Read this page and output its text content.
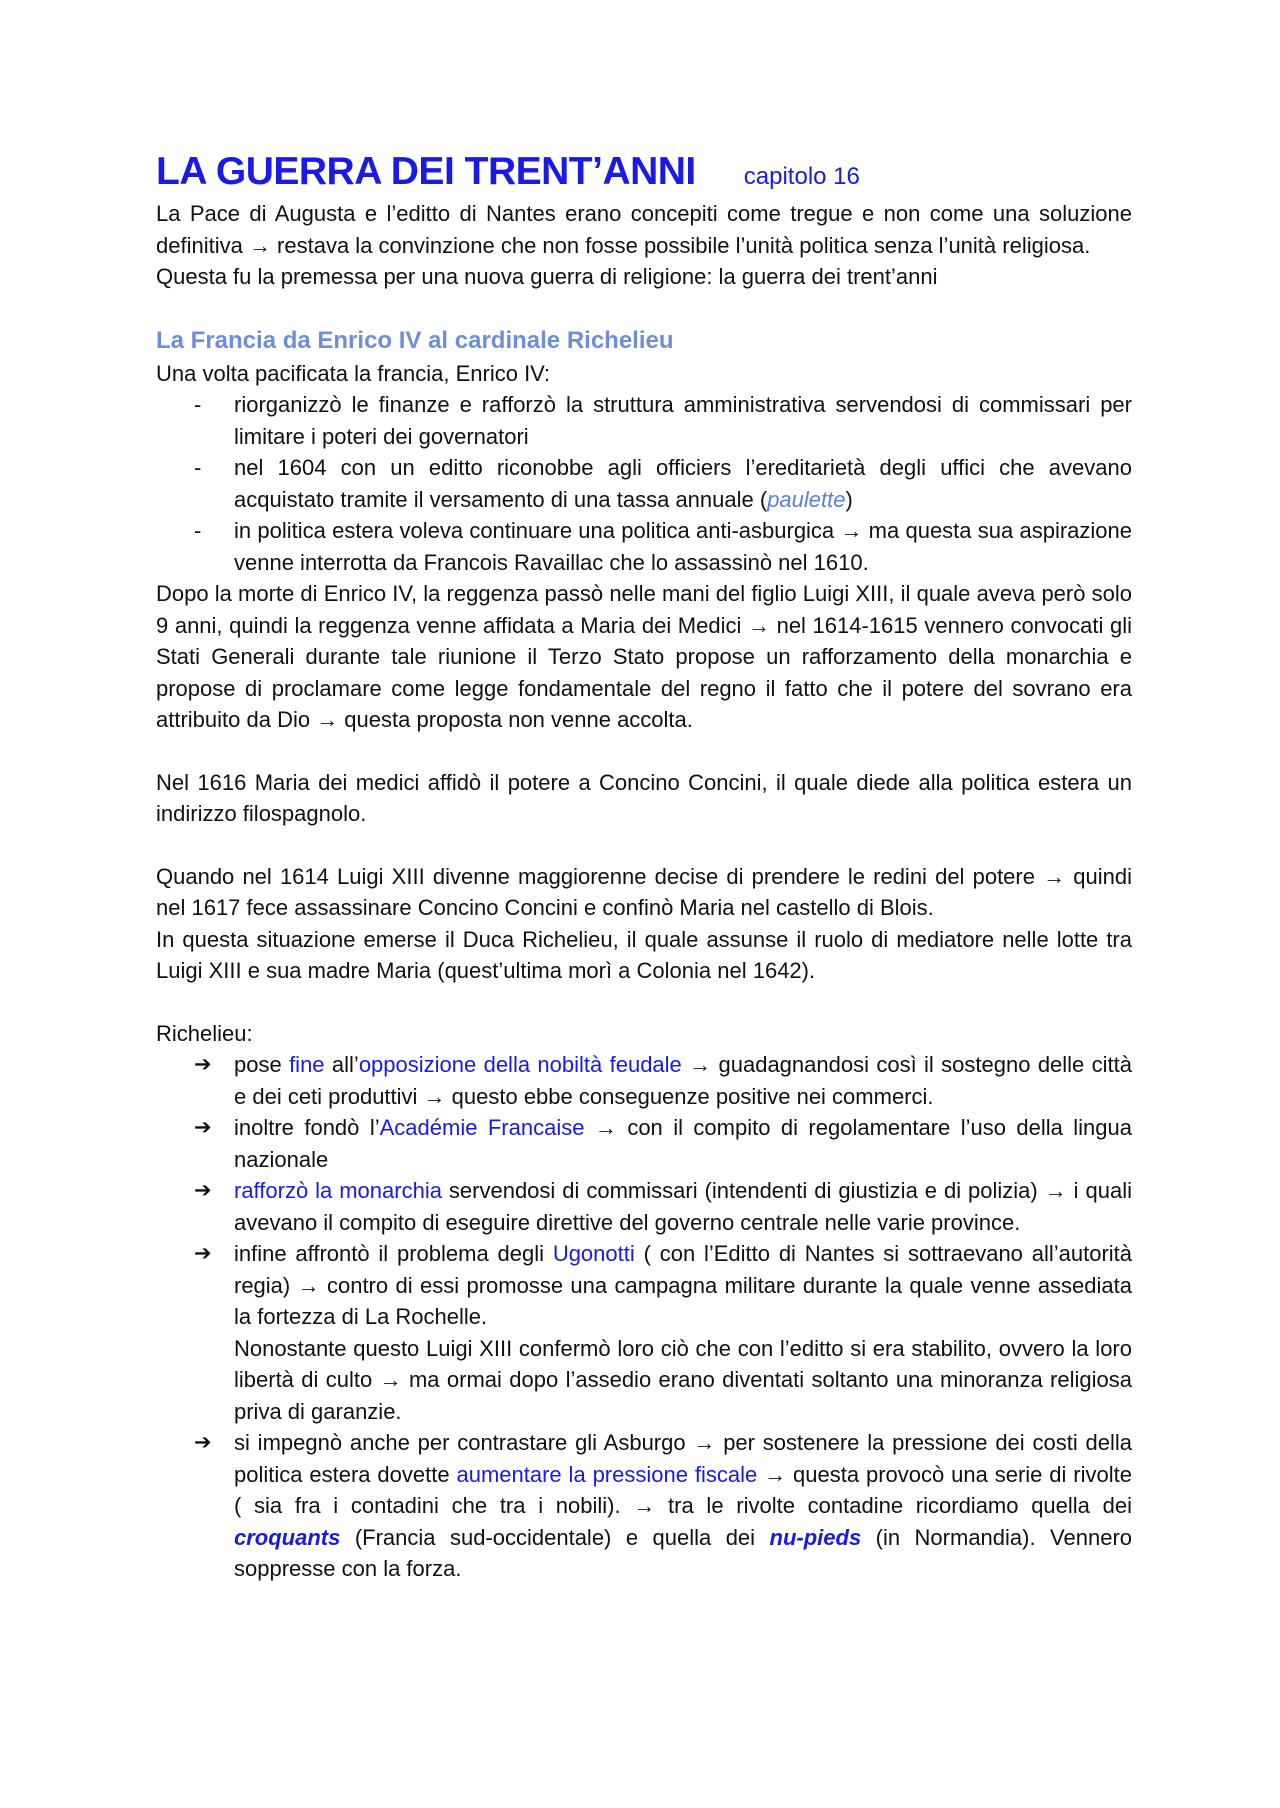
LA GUERRA DEI TRENT’ANNI capitolo 16

La Pace di Augusta e l’editto di Nantes erano concepiti come tregue e non come una soluzione definitiva → restava la convinzione che non fosse possibile l’unità politica senza l’unità religiosa.

Questa fu la premessa per una nuova guerra di religione: la guerra dei trent’anni

La Francia da Enrico IV al cardinale Richelieu

Una volta pacificata la francia, Enrico IV:

- riorganizzò le finanze e rafforzò la struttura amministrativa servendosi di commissari per limitare i poteri dei governatori
- nel 1604 con un editto riconobbe agli officiers l’ereditarietà degli uffici che avevano acquistato tramite il versamento di una tassa annuale (paulette)
- in politica estera voleva continuare una politica anti-asburgica → ma questa sua aspirazione venne interrotta da Francois Ravaillac che lo assassinò nel 1610.

Dopo la morte di Enrico IV, la reggenza passò nelle mani del figlio Luigi XIII, il quale aveva però solo 9 anni, quindi la reggenza venne affidata a Maria dei Medici → nel 1614-1615 vennero convocati gli Stati Generali durante tale riunione il Terzo Stato propose un rafforzamento della monarchia e propose di proclamare come legge fondamentale del regno il fatto che il potere del sovrano era attribuito da Dio → questa proposta non venne accolta.

Nel 1616 Maria dei medici affidò il potere a Concino Concini, il quale diede alla politica estera un indirizzo filospagnolo.

Quando nel 1614 Luigi XIII divenne maggiorenne decise di prendere le redini del potere → quindi nel 1617 fece assassinare Concino Concini e confinò Maria nel castello di Blois.

In questa situazione emerse il Duca Richelieu, il quale assunse il ruolo di mediatore nelle lotte tra Luigi XIII e sua madre Maria (quest’ultima morì a Colonia nel 1642).

Richelieu:

➔ pose fine all’opposizione della nobiltà feudale → guadagnandosi così il sostegno delle città e dei ceti produttivi → questo ebbe conseguenze positive nei commerci.
➔ inoltre fondò l’Académie Francaise → con il compito di regolamentare l’uso della lingua nazionale
➔ rafforzò la monarchia servendosi di commissari (intendenti di giustizia e di polizia) → i quali avevano il compito di eseguire direttive del governo centrale nelle varie province.
➔ infine affrontò il problema degli Ugonotti ( con l’Editto di Nantes si sottraevano all’autorità regia) → contro di essi promosse una campagna militare durante la quale venne assediata la fortezza di La Rochelle.
Nonostante questo Luigi XIII confermò loro ciò che con l’editto si era stabilito, ovvero la loro libertà di culto → ma ormai dopo l’assedio erano diventati soltanto una minoranza religiosa priva di garanzie.
➔ si impegnò anche per contrastare gli Asburgo → per sostenere la pressione dei costi della politica estera dovette aumentare la pressione fiscale → questa provocò una serie di rivolte ( sia fra i contadini che tra i nobili). → tra le rivolte contadine ricordiamo quella dei croquants (Francia sud-occidentale) e quella dei nu-pieds (in Normandia). Vennero soppresse con la forza.
